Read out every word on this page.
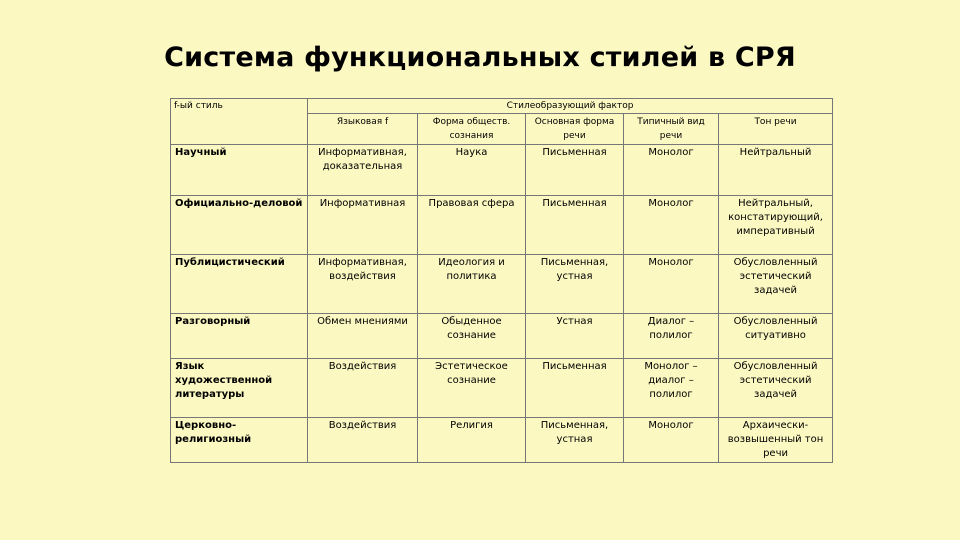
Система функциональных стилей в СРЯ
f-ый стиль	Стилеобразующий фактор				
	Языковая f	Форма обществ. сознания	Основная форма речи	Типичный вид речи	Тон речи
Научный	Информативная, доказательная	Наука	Письменная	Монолог	Нейтральный
Официально-деловой	Информативная	Правовая сфера	Письменная	Монолог	Нейтральный, констатирующий, императивный
Публицистический	Информативная, воздействия	Идеология и политика	Письменная, устная	Монолог	Обусловленный эстетический задачей
Разговорный	Обмен мнениями	Обыденное сознание	Устная	Диалог – полилог	Обусловленный ситуативно
Язык художественной литературы	Воздействия	Эстетическое сознание	Письменная	Монолог – диалог – полилог	Обусловленный эстетический задачей
Церковно-религиозный	Воздействия	Религия	Письменная, устная	Монолог	Архаически-возвышенный тон речи
